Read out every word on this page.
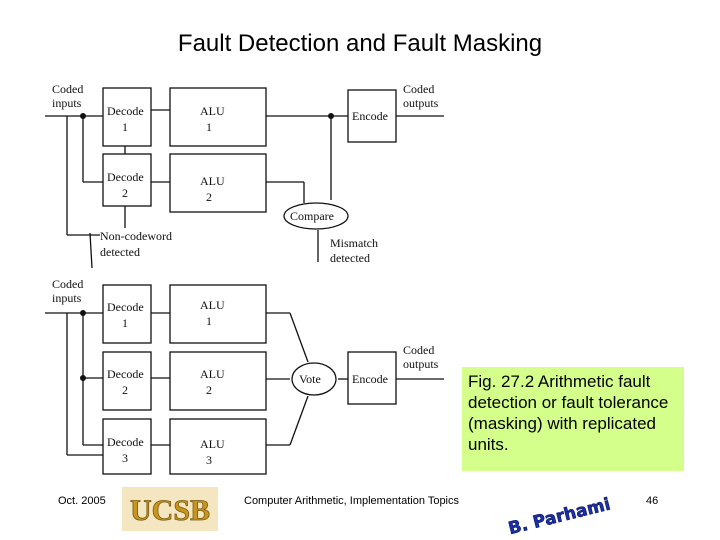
Fault Detection and Fault Masking
Coded
inputs
Coded
outputs
Decode
1
Decode
2
ALU
1
ALU
2
Encode
Compare
Mismatch
detected
Non-codeword
detected
Coded
inputs
Coded
outputs
Decode
1
Decode
2
Decode
3
ALU
1
ALU
2
ALU
3
Vote	Encode	Fig. 27.2 Arithmetic fault detection or fault tolerance (masking) with replicated units.
Oct. 2005 UCSB	Computer Arithmetic, Implementation Topics	B. Parhami	46
